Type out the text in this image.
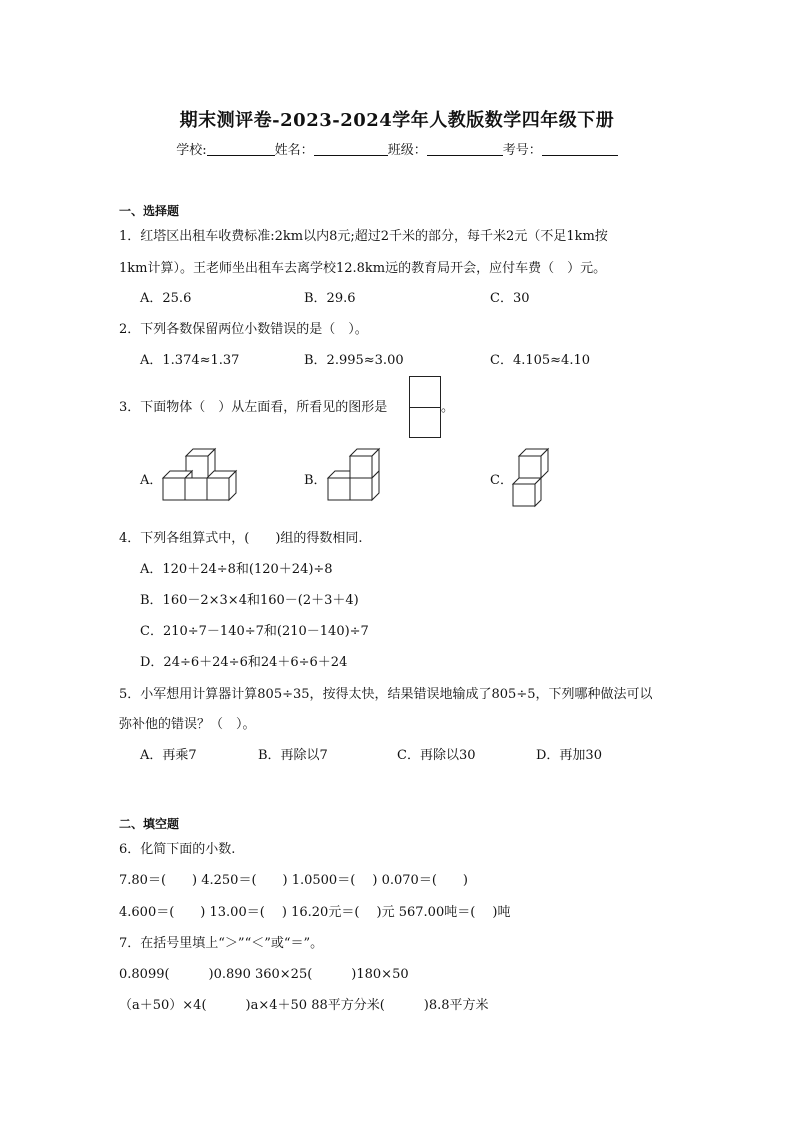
期末测评卷-2023-2024学年人教版数学四年级下册
学校:	姓名：	班级：	考号：
一、选择题
1．红塔区出租车收费标准:2km以内8元;超过2千米的部分，每千米2元（不足1km按
1km计算）。王老师坐出租车去离学校12.8km远的教育局开会，应付车费（　）元。
A．25.6	B．29.6	C．30
2．下列各数保留两位小数错误的是（　）。
A．1.374≈1.37	B．2.995≈3.00	C．4.105≈4.10
3．下面物体（　）从左面看，所看见的图形是	。
A．	B．	C．
4．下列各组算式中，(　　)组的得数相同.
A．120＋24÷8和(120＋24)÷8
B．160－2×3×4和160－(2＋3＋4)
C．210÷7－140÷7和(210－140)÷7
D．24÷6＋24÷6和24＋6÷6＋24
5．小军想用计算器计算805÷35，按得太快，结果错误地输成了805÷5，下列哪种做法可以
弥补他的错误？（　）。
A．再乘7	B．再除以7	C．再除以30	D．再加30
二、填空题
6．化简下面的小数.
7.80＝(　　) 4.250＝(　　) 1.0500＝(　 ) 0.070＝(　　)
4.600＝(　　) 13.00＝(　 ) 16.20元＝(　 )元 567.00吨＝(　 )吨
7．在括号里填上“＞”“＜”或“＝”。
0.8099(　　　)0.890 360×25(　　　)180×50
（a＋50）×4(　　　)a×4＋50 88平方分米(　　　)8.8平方米
